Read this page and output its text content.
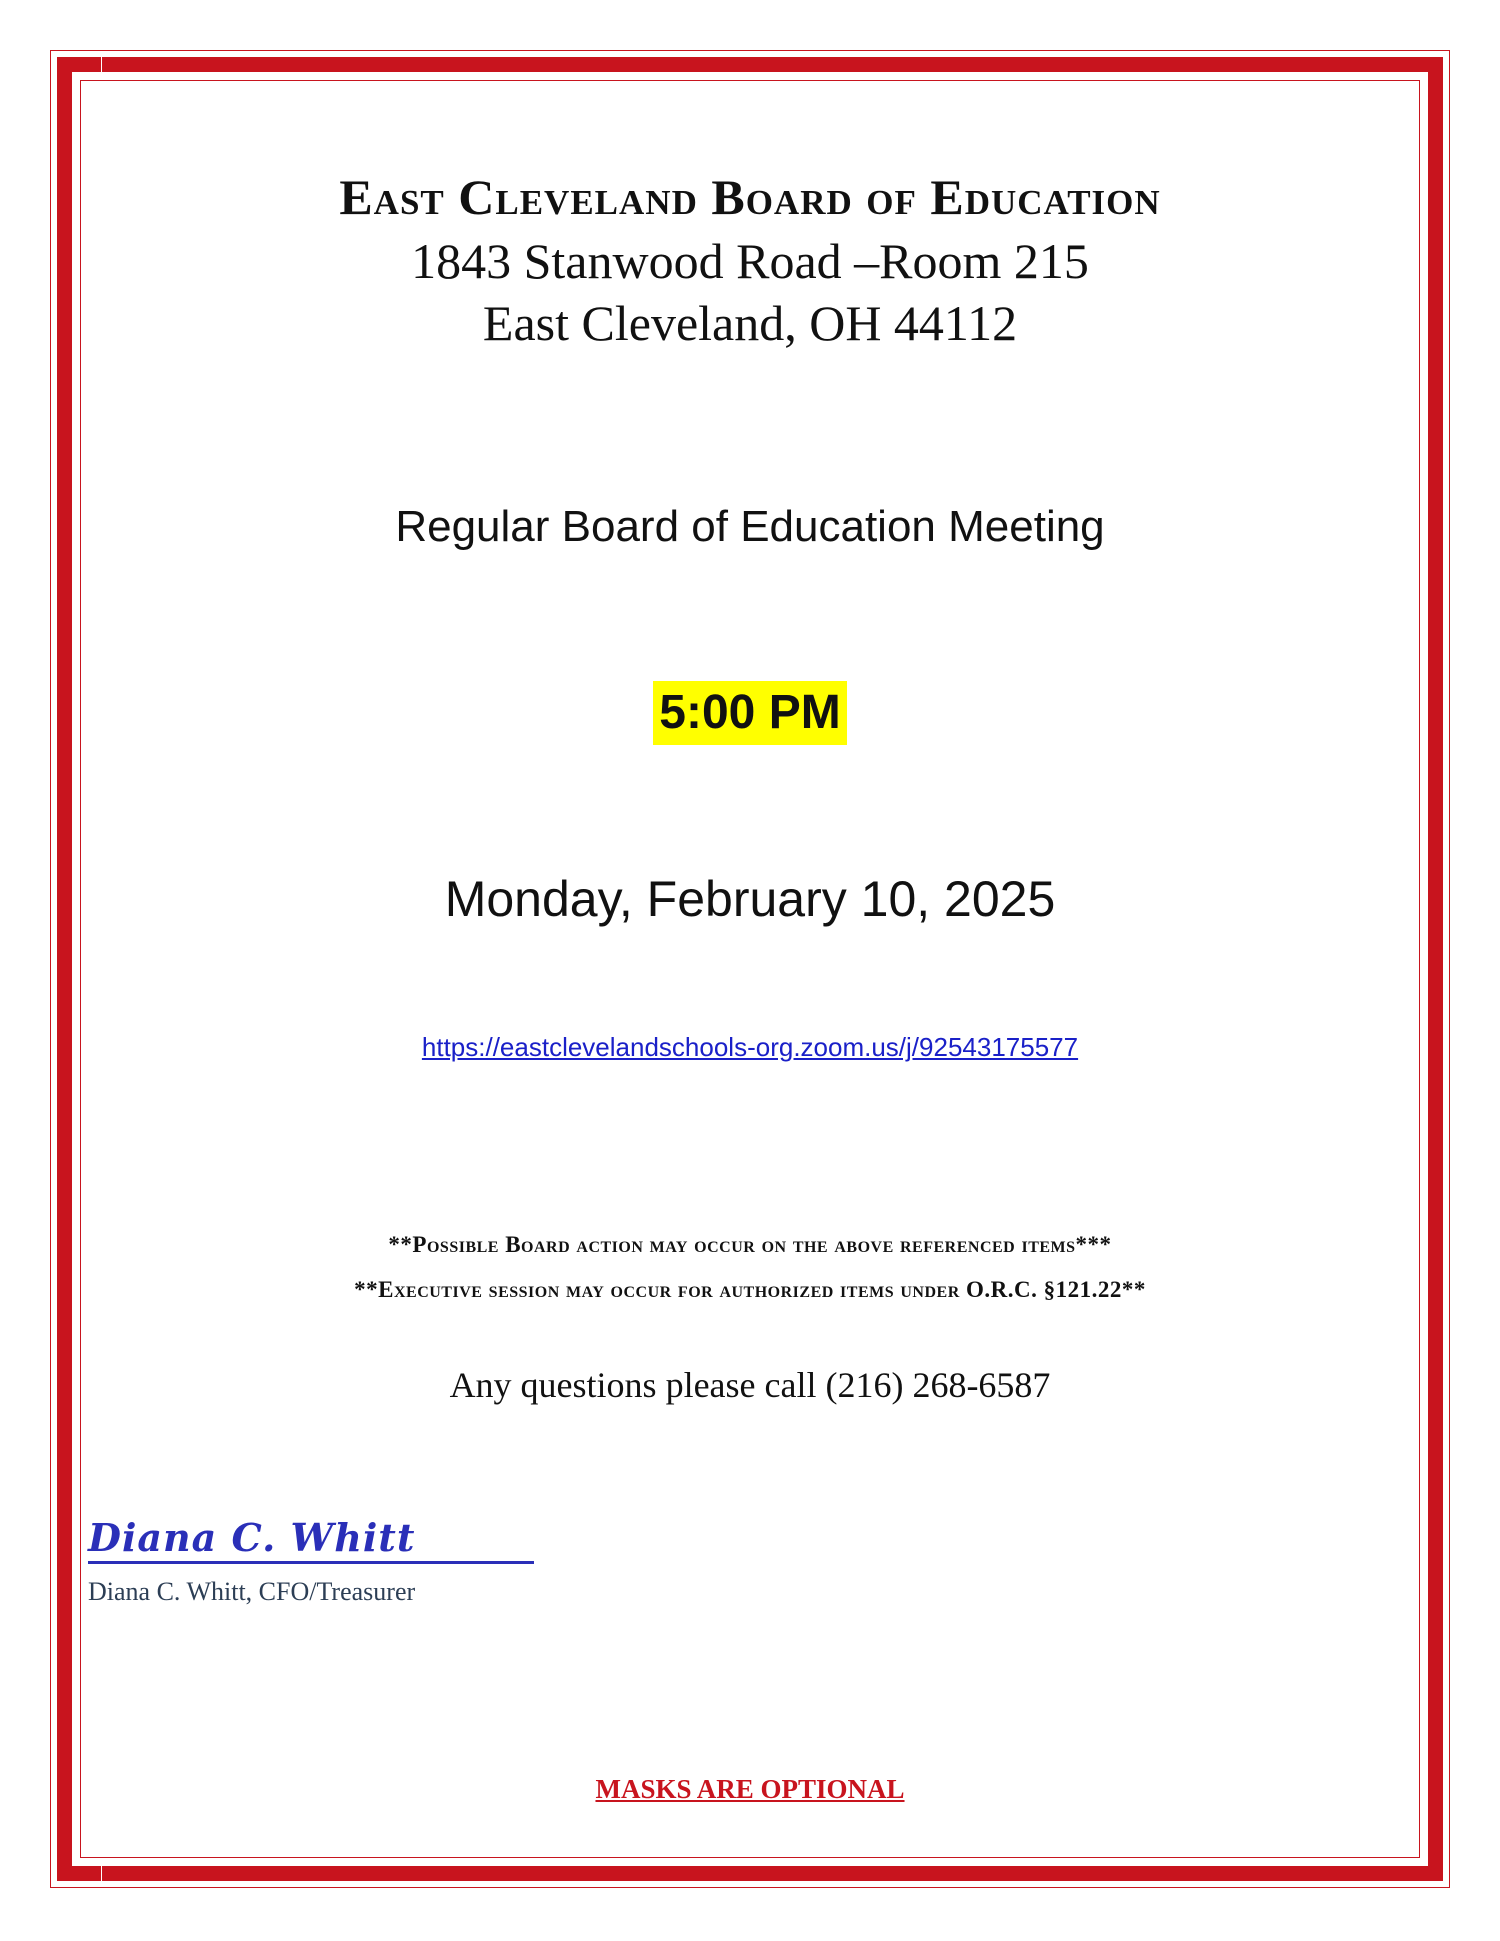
East Cleveland Board of Education
1843 Stanwood Road –Room 215
East Cleveland, OH 44112
Regular Board of Education Meeting
5:00 PM
Monday, February 10, 2025
https://eastclevelandschools-org.zoom.us/j/92543175577
**Possible Board action may occur on the above referenced items***
**Executive session may occur for authorized items under O.R.C. §121.22**
Any questions please call (216) 268-6587
Diana C. Whitt
Diana C. Whitt, CFO/Treasurer
MASKS ARE OPTIONAL
